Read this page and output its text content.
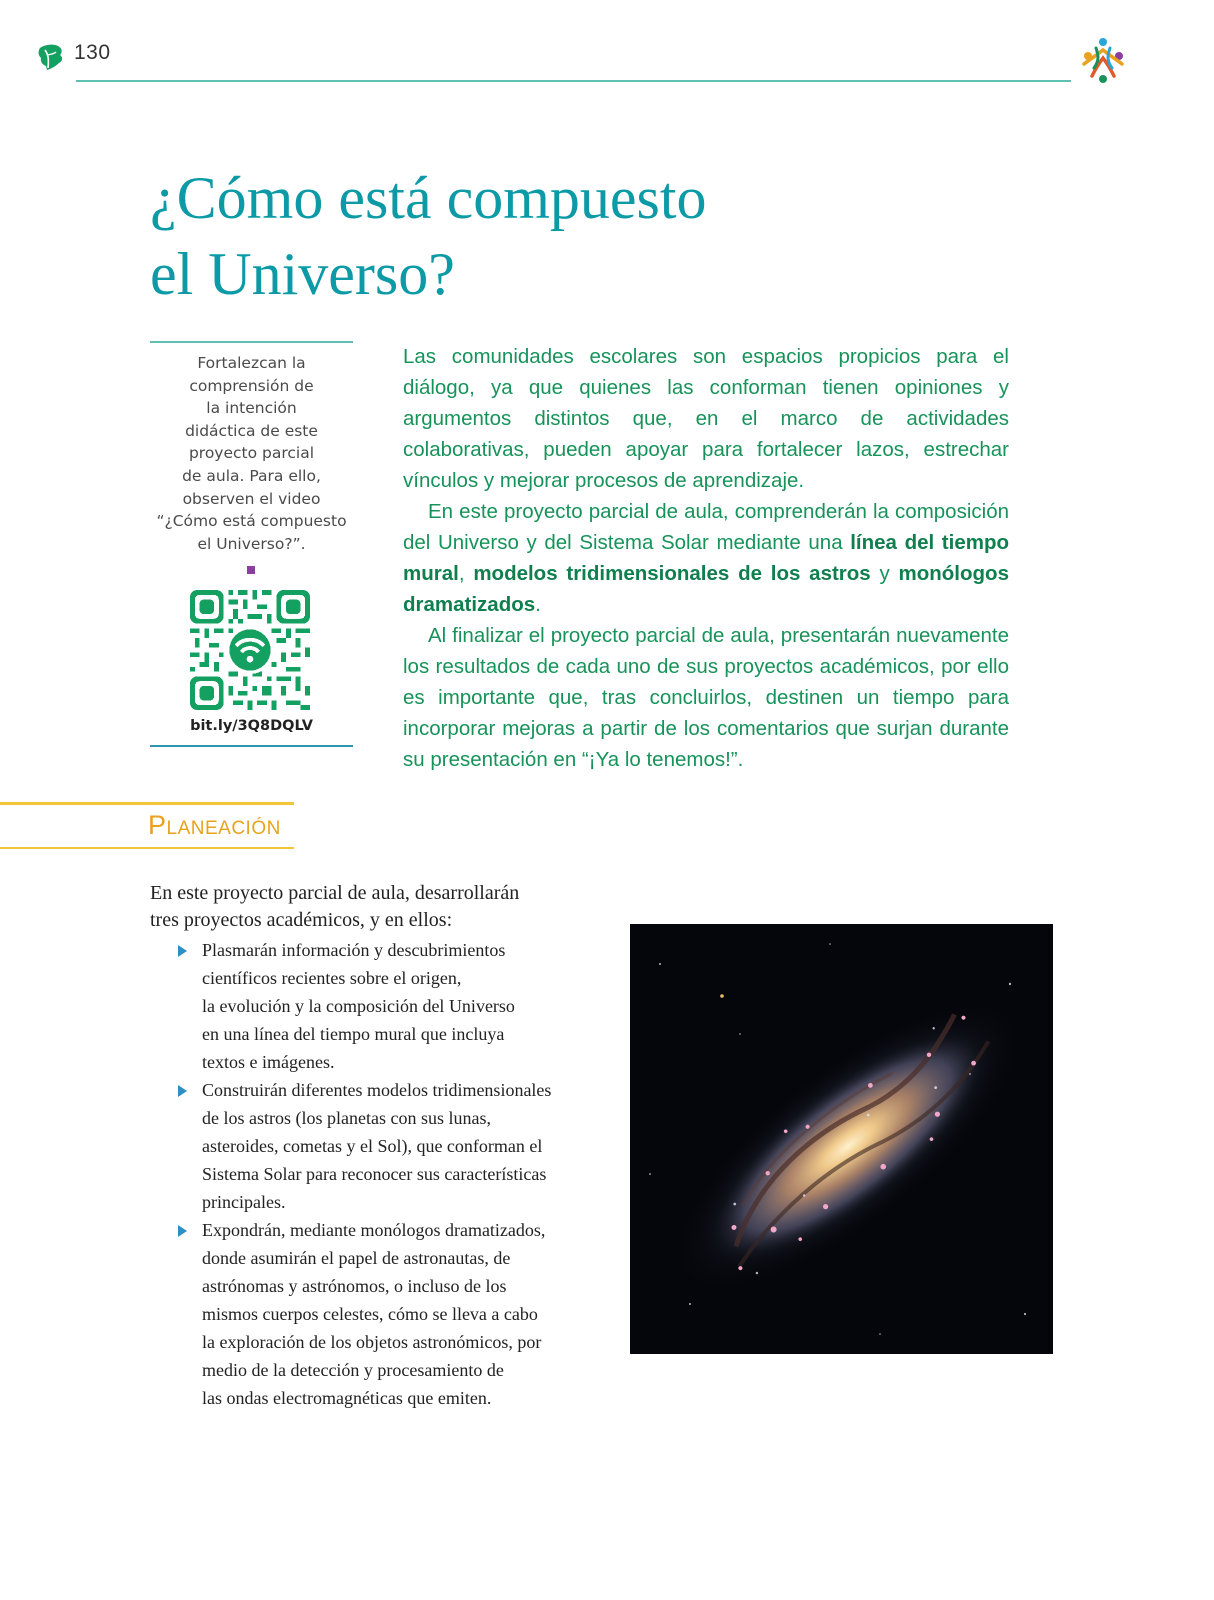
130
¿Cómo está compuesto
el Universo?
Fortalezcan la
comprensión de
la intención
didáctica de este
proyecto parcial
de aula. Para ello,
observen el video
“¿Cómo está compuesto
el Universo?”.
bit.ly/3Q8DQLV

Las comunidades escolares son espacios propicios para el diálogo, ya que quienes las conforman tienen opiniones y argumentos distintos que, en el marco de actividades colaborativas, pueden apoyar para fortalecer lazos, estrechar vínculos y mejorar procesos de aprendizaje.

En este proyecto parcial de aula, comprenderán la composición del Universo y del Sistema Solar mediante una línea del tiempo mural, modelos tridimensionales de los astros y monólogos dramatizados.

Al finalizar el proyecto parcial de aula, presentarán nuevamente los resultados de cada uno de sus proyectos académicos, por ello es importante que, tras concluirlos, destinen un tiempo para incorporar mejoras a partir de los comentarios que surjan durante su presentación en “¡Ya lo tenemos!”.

Planeación

En este proyecto parcial de aula, desarrollarán
tres proyectos académicos, y en ellos:

Plasmarán información y descubrimientos
científicos recientes sobre el origen,
la evolución y la composición del Universo
en una línea del tiempo mural que incluya
textos e imágenes.
Construirán diferentes modelos tridimensionales
de los astros (los planetas con sus lunas,
asteroides, cometas y el Sol), que conforman el
Sistema Solar para reconocer sus características
principales.
Expondrán, mediante monólogos dramatizados,
donde asumirán el papel de astronautas, de
astrónomas y astrónomos, o incluso de los
mismos cuerpos celestes, cómo se lleva a cabo
la exploración de los objetos astronómicos, por
medio de la detección y procesamiento de
las ondas electromagnéticas que emiten.
